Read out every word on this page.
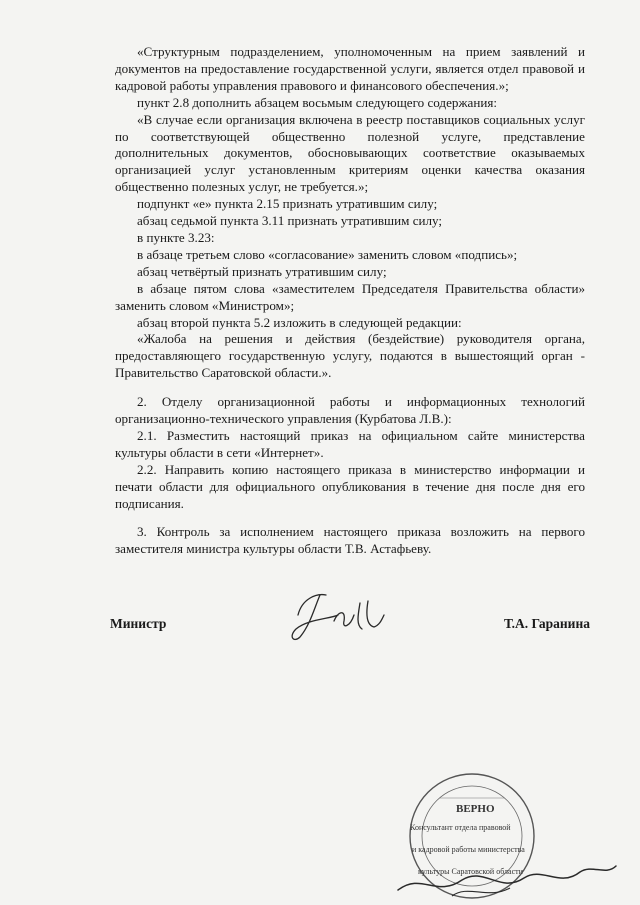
«Структурным подразделением, уполномоченным на прием заявлений и документов на предоставление государственной услуги, является отдел правовой и кадровой работы управления правового и финансового обеспечения.»;

пункт 2.8 дополнить абзацем восьмым следующего содержания:

«В случае если организация включена в реестр поставщиков социальных услуг по соответствующей общественно полезной услуге, представление дополнительных документов, обосновывающих соответствие оказываемых организацией услуг установленным критериям оценки качества оказания общественно полезных услуг, не требуется.»;

подпункт «е» пункта 2.15 признать утратившим силу;

абзац седьмой пункта 3.11 признать утратившим силу;

в пункте 3.23:

в абзаце третьем слово «согласование» заменить словом «подпись»;

абзац четвёртый признать утратившим силу;

в абзаце пятом слова «заместителем Председателя Правительства области» заменить словом «Министром»;

абзац второй пункта 5.2 изложить в следующей редакции:

«Жалоба на решения и действия (бездействие) руководителя органа, предоставляющего государственную услугу, подаются в вышестоящий орган - Правительство Саратовской области.».

2. Отделу организационной работы и информационных технологий организационно-технического управления (Курбатова Л.В.):

2.1. Разместить настоящий приказ на официальном сайте министерства культуры области в сети «Интернет».

2.2. Направить копию настоящего приказа в министерство информации и печати области для официального опубликования в течение дня после дня его подписания.

3. Контроль за исполнением настоящего приказа возложить на первого заместителя министра культуры области Т.В. Астафьеву.

Министр	Т.А. Гаранина
ВЕРНО
Консультант отдела правовой
и кадровой работы министерства
культуры Саратовской области
